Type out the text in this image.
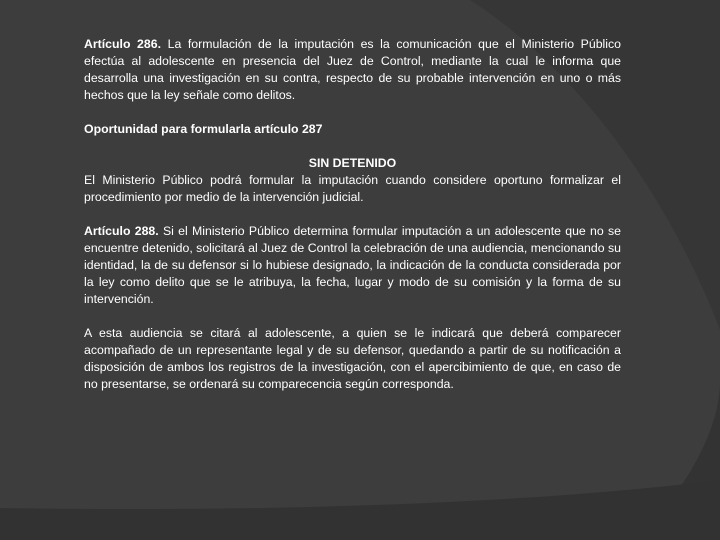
Artículo 286. La formulación de la imputación es la comunicación que el Ministerio Público efectúa al adolescente en presencia del Juez de Control, mediante la cual le informa que desarrolla una investigación en su contra, respecto de su probable intervención en uno o más hechos que la ley señale como delitos.

Oportunidad para formularla artículo 287

SIN DETENIDO

El Ministerio Público podrá formular la imputación cuando considere oportuno formalizar el procedimiento por medio de la intervención judicial.

Artículo 288. Si el Ministerio Público determina formular imputación a un adolescente que no se encuentre detenido, solicitará al Juez de Control la celebración de una audiencia, mencionando su identidad, la de su defensor si lo hubiese designado, la indicación de la conducta considerada por la ley como delito que se le atribuya, la fecha, lugar y modo de su comisión y la forma de su intervención.

A esta audiencia se citará al adolescente, a quien se le indicará que deberá comparecer acompañado de un representante legal y de su defensor, quedando a partir de su notificación a disposición de ambos los registros de la investigación, con el apercibimiento de que, en caso de no presentarse, se ordenará su comparecencia según corresponda.
